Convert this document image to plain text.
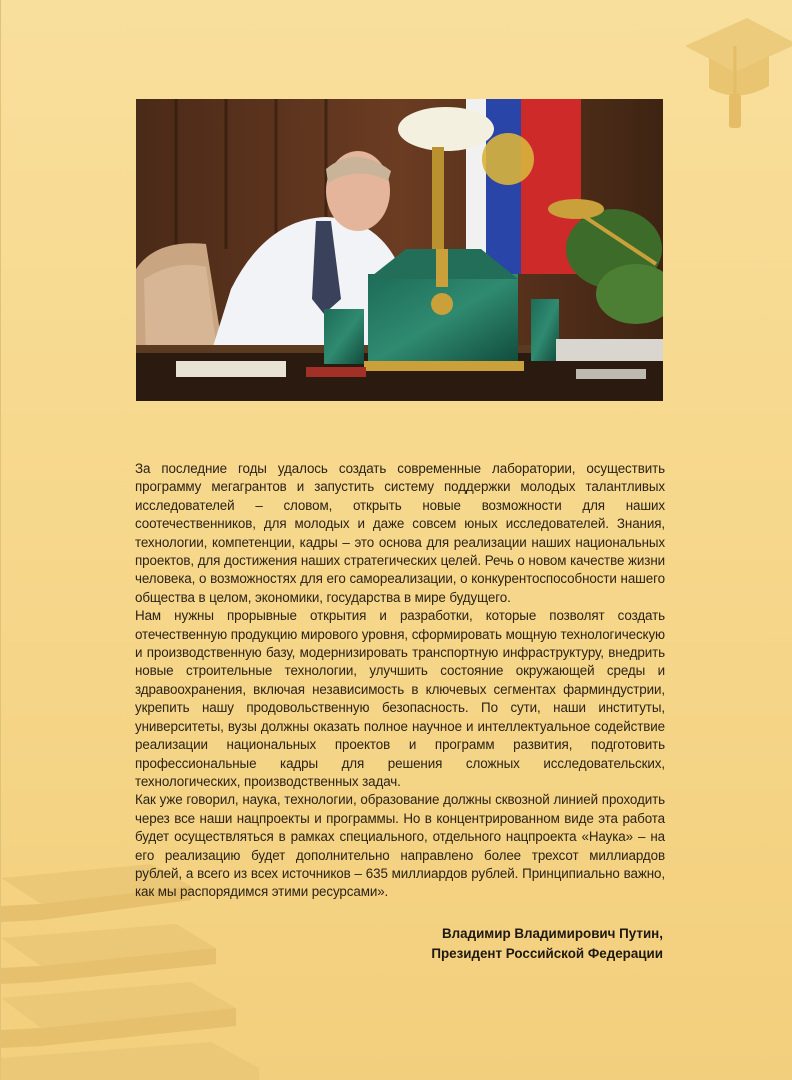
За последние годы удалось создать современные лаборатории, осуществить программу мегагрантов и запустить систему поддержки молодых талантливых исследователей – словом, открыть новые возможности для наших соотечественников, для молодых и даже совсем юных исследователей. Знания, технологии, компетенции, кадры – это основа для реализации наших национальных проектов, для достижения наших стратегических целей. Речь о новом качестве жизни человека, о возможностях для его самореализации, о конкурентоспособности нашего общества в целом, экономики, государства в мире будущего.

Нам нужны прорывные открытия и разработки, которые позволят создать отечественную продукцию мирового уровня, сформировать мощную технологическую и производственную базу, модернизировать транспортную инфраструктуру, внедрить новые строительные технологии, улучшить состояние окружающей среды и здравоохранения, включая независимость в ключевых сегментах фарминдустрии, укрепить нашу продовольственную безопасность. По сути, наши институты, университеты, вузы должны оказать полное научное и интеллектуальное содействие реализации национальных проектов и программ развития, подготовить профессиональные кадры для решения сложных исследовательских, технологических, производственных задач.

Как уже говорил, наука, технологии, образование должны сквозной линией проходить через все наши нацпроекты и программы. Но в концентрированном виде эта работа будет осуществляться в рамках специального, отдельного нацпроекта «Наука» – на его реализацию будет дополнительно направлено более трехсот миллиардов рублей, а всего из всех источников – 635 миллиардов рублей. Принципиально важно, как мы распорядимся этими ресурсами».

Владимир Владимирович Путин,
Президент Российской Федерации
